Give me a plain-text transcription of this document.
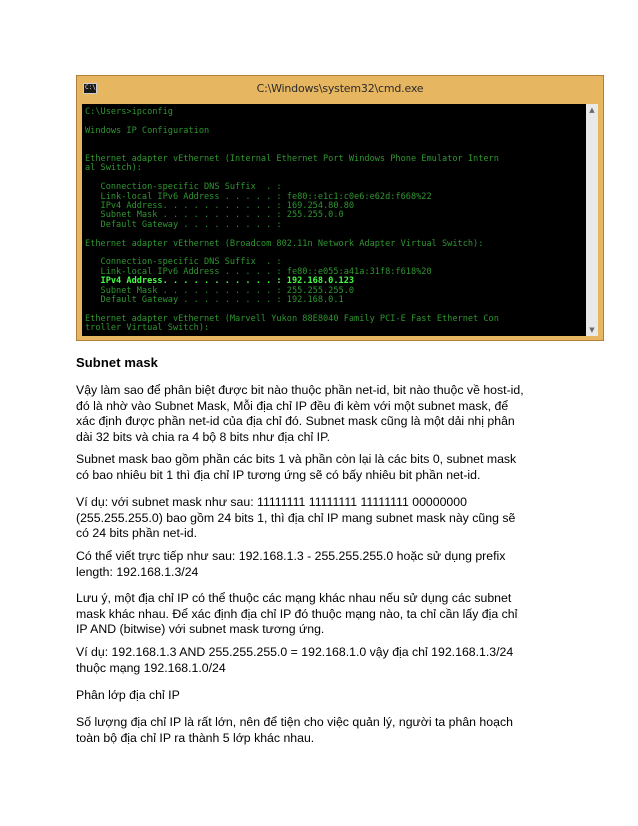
C:\	C:\Windows\system32\cmd.exe
C:\Users>ipconfig
Windows IP Configuration
Ethernet adapter vEthernet (Internal Ethernet Port Windows Phone Emulator Intern
al Switch):
Connection-specific DNS Suffix  . :
Link-local IPv6 Address . . . . . : fe80::e1c1:c0e6:e62d:f668%22
IPv4 Address. . . . . . . . . . . : 169.254.80.80
Subnet Mask . . . . . . . . . . . : 255.255.0.0
Default Gateway . . . . . . . . . :
Ethernet adapter vEthernet (Broadcom 802.11n Network Adapter Virtual Switch):
Connection-specific DNS Suffix  . :
Link-local IPv6 Address . . . . . : fe80::e055:a41a:31f8:f618%20
IPv4 Address. . . . . . . . . . . : 192.168.0.123
Subnet Mask . . . . . . . . . . . : 255.255.255.0
Default Gateway . . . . . . . . . : 192.168.0.1
Ethernet adapter vEthernet (Marvell Yukon 88E8040 Family PCI-E Fast Ethernet Con
troller Virtual Switch):
▲
▼
Subnet mask
Vậy làm sao để phân biệt được bit nào thuộc phần net-id, bit nào thuộc về host-id,
đó là nhờ vào Subnet Mask, Mỗi địa chỉ IP đều đi kèm với một subnet mask, để
xác định được phần net-id của địa chỉ đó. Subnet mask cũng là một dải nhị phân
dài 32 bits và chia ra 4 bộ 8 bits như địa chỉ IP.
Subnet mask bao gồm phần các bits 1 và phần còn lại là các bits 0, subnet mask
có bao nhiêu bit 1 thì địa chỉ IP tương ứng sẽ có bấy nhiêu bit phần net-id.
Ví dụ: với subnet mask như sau: 11111111 11111111 11111111 00000000
(255.255.255.0) bao gồm 24 bits 1, thì địa chỉ IP mang subnet mask này cũng sẽ
có 24 bits phần net-id.
Có thể viết trực tiếp như sau: 192.168.1.3 - 255.255.255.0 hoặc sử dụng prefix
length: 192.168.1.3/24
Lưu ý, một địa chỉ IP có thể thuộc các mạng khác nhau nếu sử dụng các subnet
mask khác nhau. Để xác định địa chỉ IP đó thuộc mạng nào, ta chỉ cần lấy địa chỉ
IP AND (bitwise) với subnet mask tương ứng.
Ví dụ: 192.168.1.3 AND 255.255.255.0 = 192.168.1.0 vậy địa chỉ 192.168.1.3/24
thuộc mạng 192.168.1.0/24
Phân lớp địa chỉ IP
Số lượng địa chỉ IP là rất lớn, nên để tiện cho việc quản lý, người ta phân hoạch
toàn bộ địa chỉ IP ra thành 5 lớp khác nhau.
